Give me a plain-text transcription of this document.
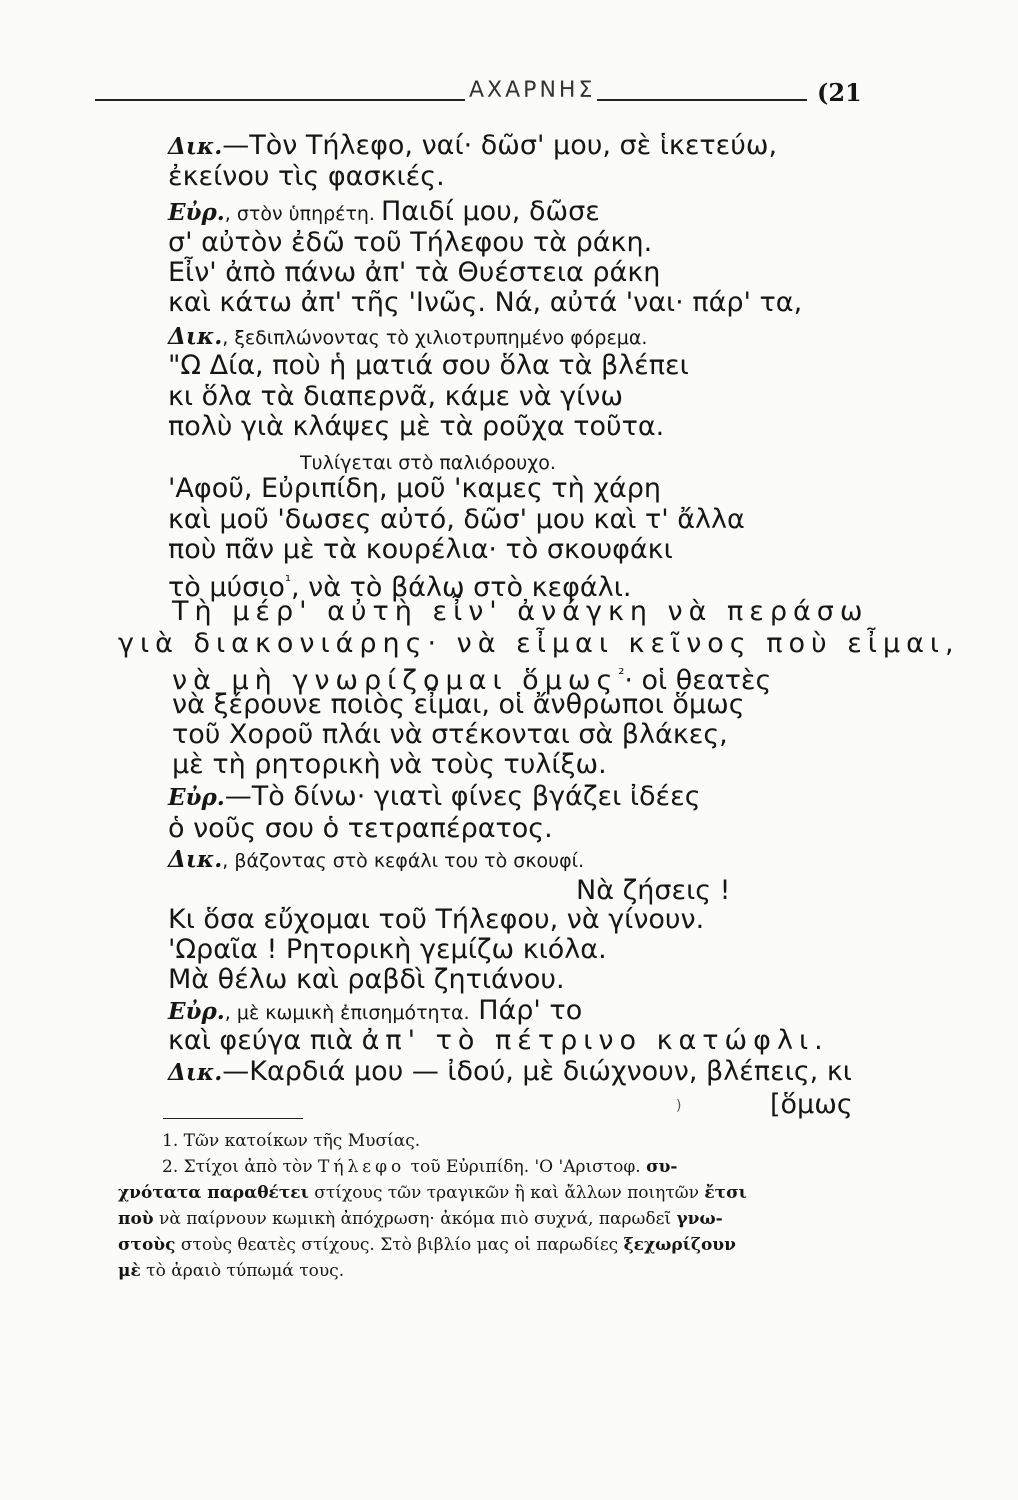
ΑΧΑΡΝΗΣ	(21
Δικ.—Τὸν Τήλεφο, ναί· δῶσ' μου, σὲ ἱκετεύω,
ἐκείνου τὶς φασκιές.
Εὐρ., στὸν ὑπηρέτη. Παιδί μου, δῶσε
σ' αὐτὸν ἐδῶ τοῦ Τήλεφου τὰ ράκη.
Εἶν' ἀπὸ πάνω ἀπ' τὰ Θυέστεια ράκη
καὶ κάτω ἀπ' τῆς 'Ινῶς. Νά, αὐτά 'ναι· πάρ' τα,
Δικ., ξεδιπλώνοντας τὸ χιλιοτρυπημένο φόρεμα.
"Ω Δία, ποὺ ἡ ματιά σου ὅλα τὰ βλέπει
κι ὅλα τὰ διαπερνᾶ, κάμε νὰ γίνω
πολὺ γιὰ κλάψες μὲ τὰ ροῦχα τοῦτα.
Τυλίγεται στὸ παλιόρουχο.
'Αφοῦ, Εὐριπίδη, μοῦ 'καμες τὴ χάρη
καὶ μοῦ 'δωσες αὐτό, δῶσ' μου καὶ τ' ἄλλα
ποὺ πᾶν μὲ τὰ κουρέλια· τὸ σκουφάκι
τὸ μύσιο$^{^1}$, νὰ τὸ βάλω στὸ κεφάλι.
Τὴ μέρ' αὐτὴ εἶν' ἀνάγκη νὰ περάσω
γιὰ διακονιάρης· νὰ εἶμαι κεῖνος ποὺ εἶμαι,
νὰ μὴ γνωρίζομαι ὅμως$^{^2}$· οἱ θεατὲς
νὰ ξέρουνε ποιὸς εἶμαι, οἱ ἄνθρωποι ὅμως
τοῦ Χοροῦ πλάι νὰ στέκονται σὰ βλάκες,
μὲ τὴ ρητορικὴ νὰ τοὺς τυλίξω.
Εὐρ.—Τὸ δίνω· γιατὶ φίνες βγάζει ἰδέες
ὁ νοῦς σου ὁ τετραπέρατος.
Δικ., βάζοντας στὸ κεφάλι του τὸ σκουφί.
Νὰ ζήσεις !
Κι ὅσα εὔχομαι τοῦ Τήλεφου, νὰ γίνουν.
'Ωραῖα ! Ρητορικὴ γεμίζω κιόλα.
Μὰ θέλω καὶ ραβδὶ ζητιάνου.
Εὐρ., μὲ κωμικὴ ἐπισημότητα. Πάρ' το
καὶ φεύγα πιὰ ἀπ' τὸ πέτρινο κατώφλι.
Δικ.—Καρδιά μου — ἰδού, μὲ διώχνουν, βλέπεις, κι
[ὅμως
)
1. Τῶν κατοίκων τῆς Μυσίας.
2. Στίχοι ἀπὸ τὸν Τήλεφο τοῦ Εὐριπίδη. 'Ο 'Αριστοφ. συ-
χνότατα παραθέτει στίχους τῶν τραγικῶν ἢ καὶ ἄλλων ποιητῶν ἔτσι
ποὺ νὰ παίρνουν κωμικὴ ἀπόχρωση· ἀκόμα πιὸ συχνά, παρωδεῖ γνω-
στοὺς στοὺς θεατὲς στίχους. Στὸ βιβλίο μας οἱ παρωδίες ξεχωρίζουν
μὲ τὸ ἀραιὸ τύπωμά τους.
